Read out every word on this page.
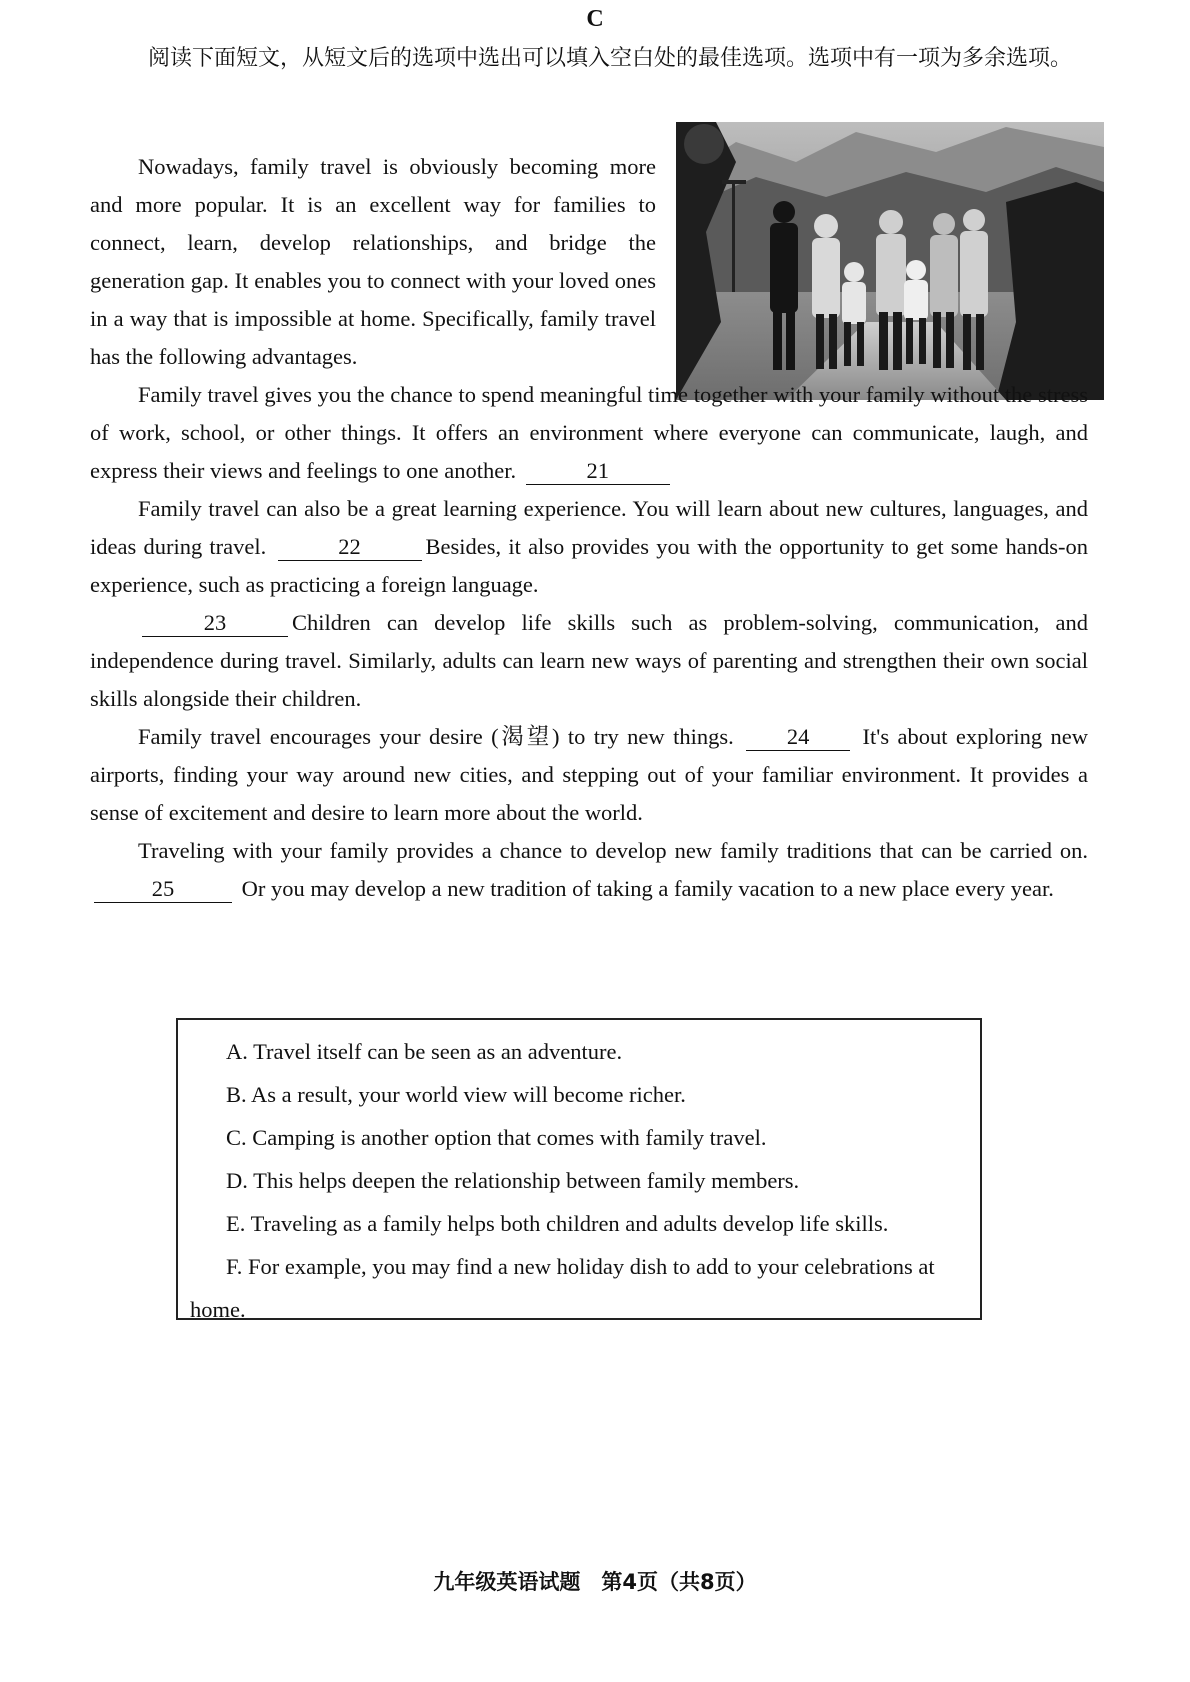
C

阅读下面短文，从短文后的选项中选出可以填入空白处的最佳选项。选项中有一项为多余选项。

Nowadays, family travel is obviously becoming more and more popular. It is an excellent way for families to connect, learn, develop relationships, and bridge the generation gap. It enables you to connect with your loved ones in a way that is impossible at home. Specifically, family travel has the following advantages.

Family travel gives you the chance to spend meaningful time together with your family without the stress of work, school, or other things. It offers an environment where everyone can communicate, laugh, and express their views and feelings to one another.	21

Family travel can also be a great learning experience. You will learn about new cultures, languages, and ideas during travel.	22	Besides, it also provides you with the opportunity to get some hands-on experience, such as practicing a foreign language.

23	Children can develop life skills such as problem-solving, communication, and independence during travel. Similarly, adults can learn new ways of parenting and strengthen their own social skills alongside their children.

Family travel encourages your desire (渴望) to try new things. 24 It's about exploring new airports, finding your way around new cities, and stepping out of your familiar environment. It provides a sense of excitement and desire to learn more about the world.

Traveling with your family provides a chance to develop new family traditions that can be carried on. 25	Or you may develop a new tradition of taking a family vacation to a new place every year.

A. Travel itself can be seen as an adventure.
B. As a result, your world view will become richer.
C. Camping is another option that comes with family travel.
D. This helps deepen the relationship between family members.
E. Traveling as a family helps both children and adults develop life skills.
F. For example, you may find a new holiday dish to add to your celebrations at home.
九年级英语试题　第4页（共8页）
